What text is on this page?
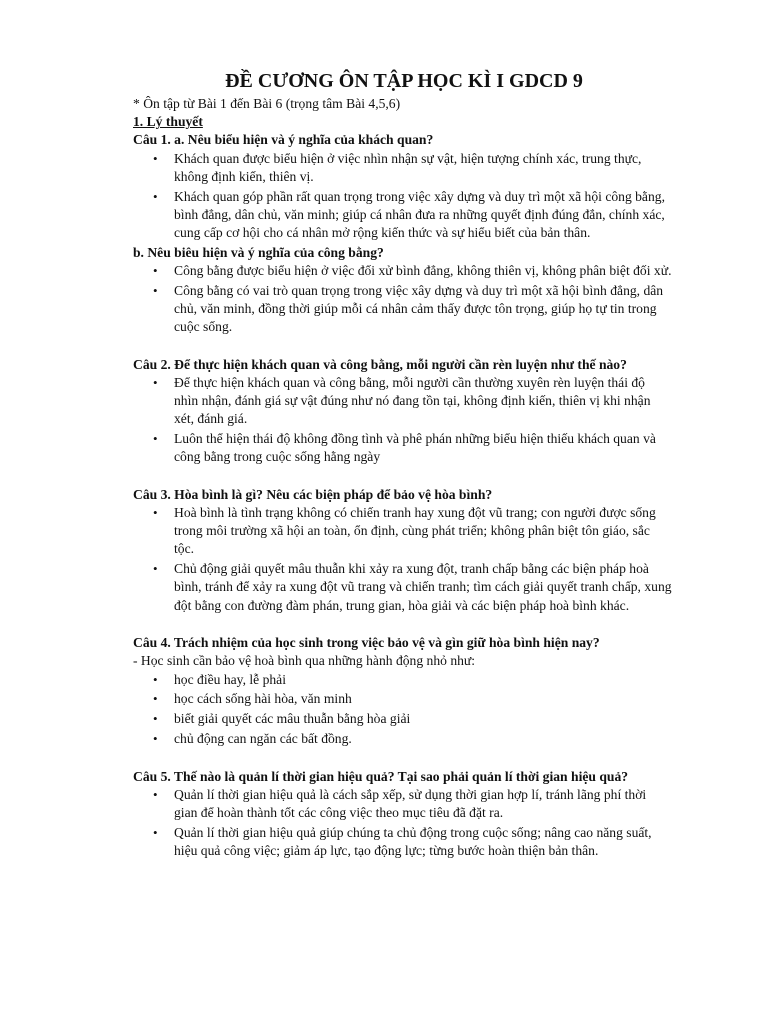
ĐỀ CƯƠNG ÔN TẬP HỌC KÌ I GDCD 9

* Ôn tập từ Bài 1 đến Bài 6 (trọng tâm Bài 4,5,6)

1. Lý thuyết

Câu 1. a. Nêu biểu hiện và ý nghĩa của khách quan?

• Khách quan được biểu hiện ở việc nhìn nhận sự vật, hiện tượng chính xác, trung thực, không định kiến, thiên vị.
• Khách quan góp phần rất quan trọng trong việc xây dựng và duy trì một xã hội công bằng, bình đẳng, dân chủ, văn minh; giúp cá nhân đưa ra những quyết định đúng đắn, chính xác, cung cấp cơ hội cho cá nhân mở rộng kiến thức và sự hiểu biết của bản thân.

b. Nêu biêu hiện và ý nghĩa của công bằng?

• Công bằng được biểu hiện ở việc đối xử bình đẳng, không thiên vị, không phân biệt đối xử.
• Công bằng có vai trò quan trọng trong việc xây dựng và duy trì một xã hội bình đẳng, dân chủ, văn minh, đồng thời giúp mỗi cá nhân cảm thấy được tôn trọng, giúp họ tự tin trong cuộc sống.

Câu 2. Để thực hiện khách quan và công bằng, mỗi người cần rèn luyện như thế nào?

• Để thực hiện khách quan và công bằng, mỗi người cần thường xuyên rèn luyện thái độ nhìn nhận, đánh giá sự vật đúng như nó đang tồn tại, không định kiến, thiên vị khi nhận xét, đánh giá.
• Luôn thể hiện thái độ không đồng tình và phê phán những biểu hiện thiếu khách quan và công bằng trong cuộc sống hằng ngày

Câu 3. Hòa bình là gì? Nêu các biện pháp để bảo vệ hòa bình?

• Hoà bình là tình trạng không có chiến tranh hay xung đột vũ trang; con người được sống trong môi trường xã hội an toàn, ổn định, cùng phát triển; không phân biệt tôn giáo, sắc tộc.
• Chủ động giải quyết mâu thuẫn khi xảy ra xung đột, tranh chấp bằng các biện pháp hoà bình, tránh để xảy ra xung đột vũ trang và chiến tranh; tìm cách giải quyết tranh chấp, xung đột bằng con đường đàm phán, trung gian, hòa giải và các biện pháp hoà bình khác.

Câu 4. Trách nhiệm của học sinh trong việc bảo vệ và gìn giữ hòa bình hiện nay?

- Học sinh cần bảo vệ hoà bình qua những hành động nhỏ như:

• học điều hay, lễ phải
• học cách sống hài hòa, văn minh
• biết giải quyết các mâu thuẫn bằng hòa giải
• chủ động can ngăn các bất đồng.

Câu 5. Thế nào là quản lí thời gian hiệu quả? Tại sao phải quản lí thời gian hiệu quả?

• Quản lí thời gian hiệu quả là cách sắp xếp, sử dụng thời gian hợp lí, tránh lãng phí thời gian để hoàn thành tốt các công việc theo mục tiêu đã đặt ra.
• Quản lí thời gian hiệu quả giúp chúng ta chủ động trong cuộc sống; nâng cao năng suất, hiệu quả công việc; giảm áp lực, tạo động lực; từng bước hoàn thiện bản thân.
